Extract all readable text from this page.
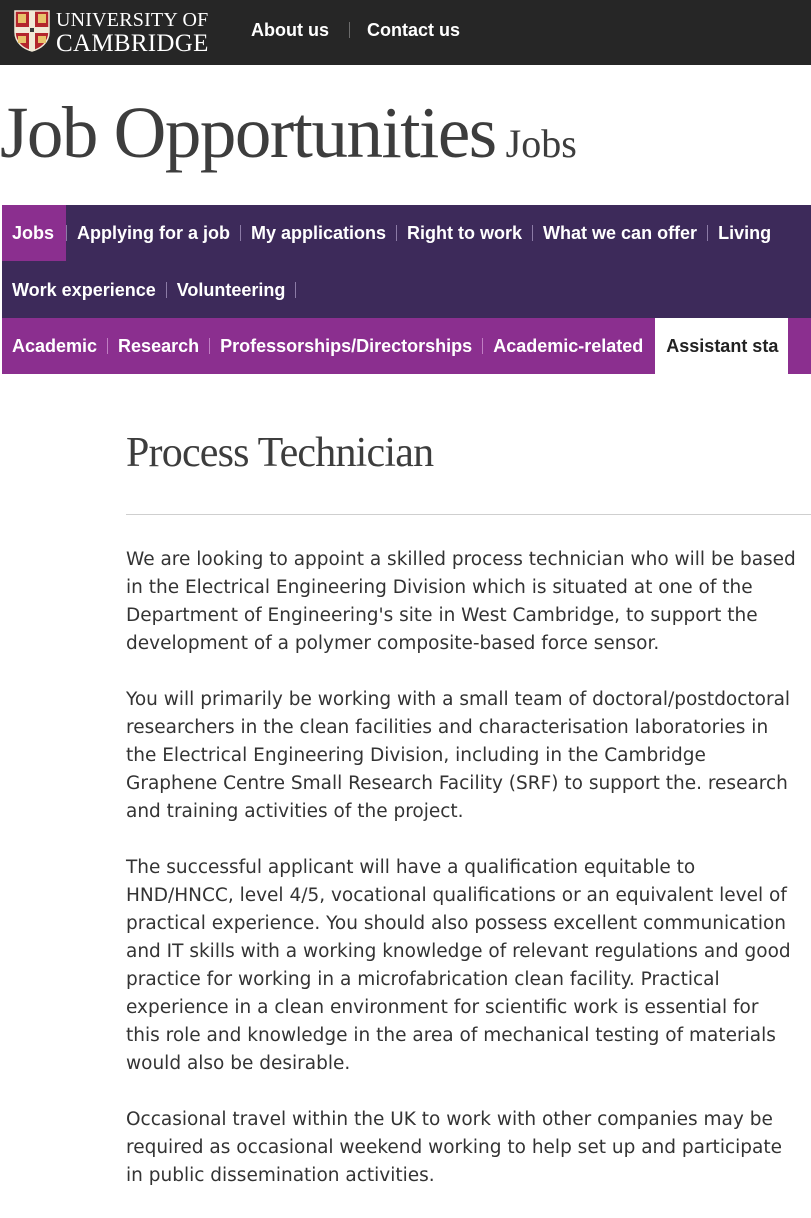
UNIVERSITY OF
CAMBRIDGE
About us Contact us
Job Opportunities Jobs
Jobs	Applying for a job	My applications	Right to work	What we can offer	Living
Work experience	Volunteering
Academic	Research	Professorships/Directorships	Academic-related	Assistant sta
Process Technician

We are looking to appoint a skilled process technician who will be based in the Electrical Engineering Division which is situated at one of the Department of Engineering's site in West Cambridge, to support the development of a polymer composite-based force sensor.

You will primarily be working with a small team of doctoral/postdoctoral researchers in the clean facilities and characterisation laboratories in the Electrical Engineering Division, including in the Cambridge Graphene Centre Small Research Facility (SRF) to support the. research and training activities of the project.

The successful applicant will have a qualification equitable to HND/HNCC, level 4/5, vocational qualifications or an equivalent level of practical experience. You should also possess excellent communication and IT skills with a working knowledge of relevant regulations and good practice for working in a microfabrication clean facility. Practical experience in a clean environment for scientific work is essential for this role and knowledge in the area of mechanical testing of materials would also be desirable.

Occasional travel within the UK to work with other companies may be required as occasional weekend working to help set up and participate in public dissemination activities.
